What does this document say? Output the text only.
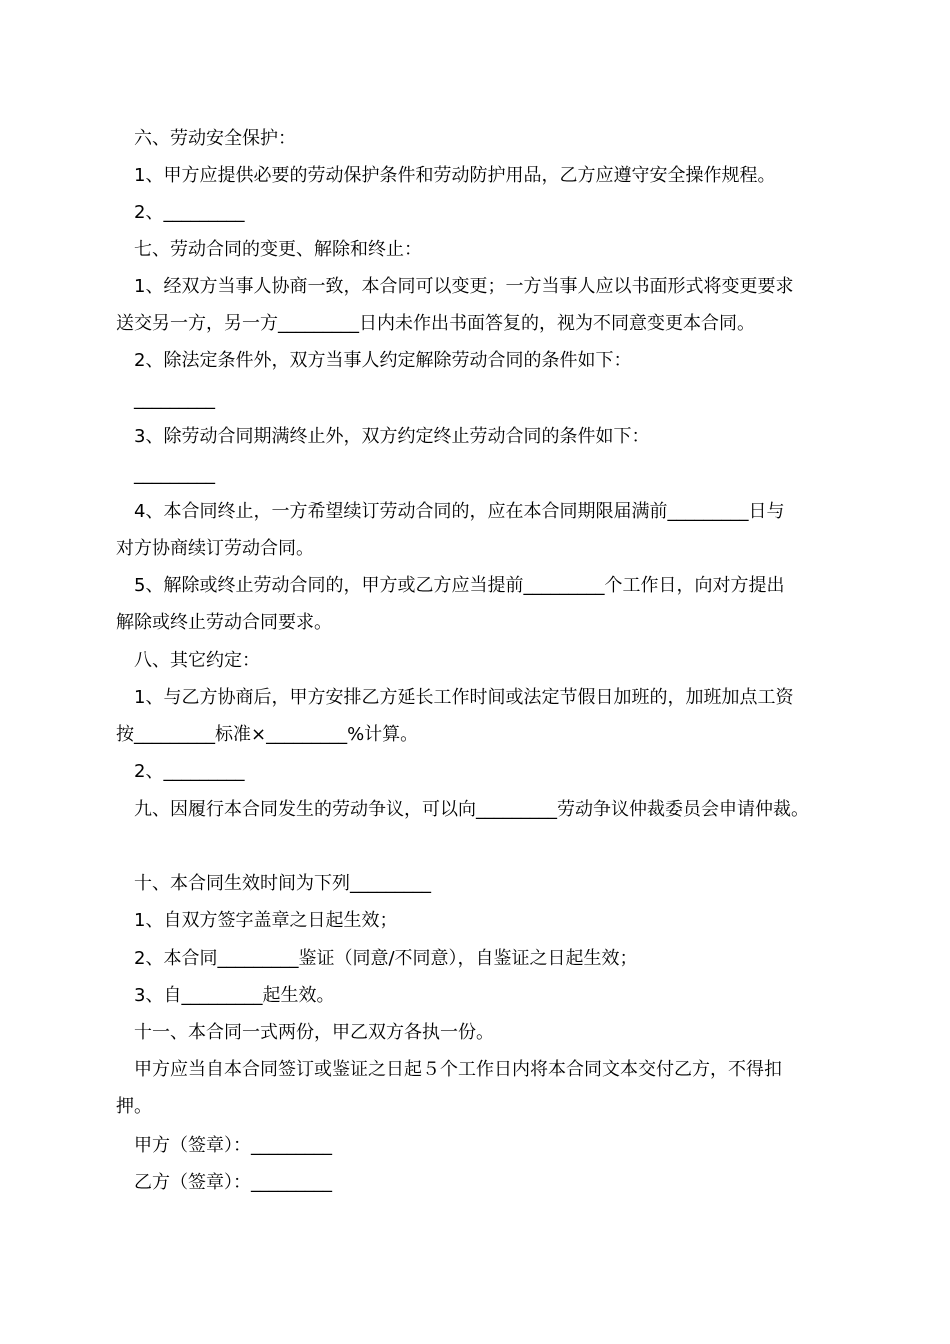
六、劳动安全保护：
1、甲方应提供必要的劳动保护条件和劳动防护用品，乙方应遵守安全操作规程。
2、_________
七、劳动合同的变更、解除和终止：
1、经双方当事人协商一致，本合同可以变更；一方当事人应以书面形式将变更要求
送交另一方，另一方_________日内未作出书面答复的，视为不同意变更本合同。
2、除法定条件外，双方当事人约定解除劳动合同的条件如下：
_________
3、除劳动合同期满终止外，双方约定终止劳动合同的条件如下：
_________
4、本合同终止，一方希望续订劳动合同的，应在本合同期限届满前_________日与
对方协商续订劳动合同。
5、解除或终止劳动合同的，甲方或乙方应当提前_________个工作日，向对方提出
解除或终止劳动合同要求。
八、其它约定：
1、与乙方协商后，甲方安排乙方延长工作时间或法定节假日加班的，加班加点工资
按_________标准×_________%计算。
2、_________
九、因履行本合同发生的劳动争议，可以向_________劳动争议仲裁委员会申请仲裁。
十、本合同生效时间为下列_________
1、自双方签字盖章之日起生效；
2、本合同_________鉴证（同意/不同意），自鉴证之日起生效；
3、自_________起生效。
十一、本合同一式两份，甲乙双方各执一份。
甲方应当自本合同签订或鉴证之日起５个工作日内将本合同文本交付乙方，不得扣
押。
甲方（签章）：_________
乙方（签章）：_________
